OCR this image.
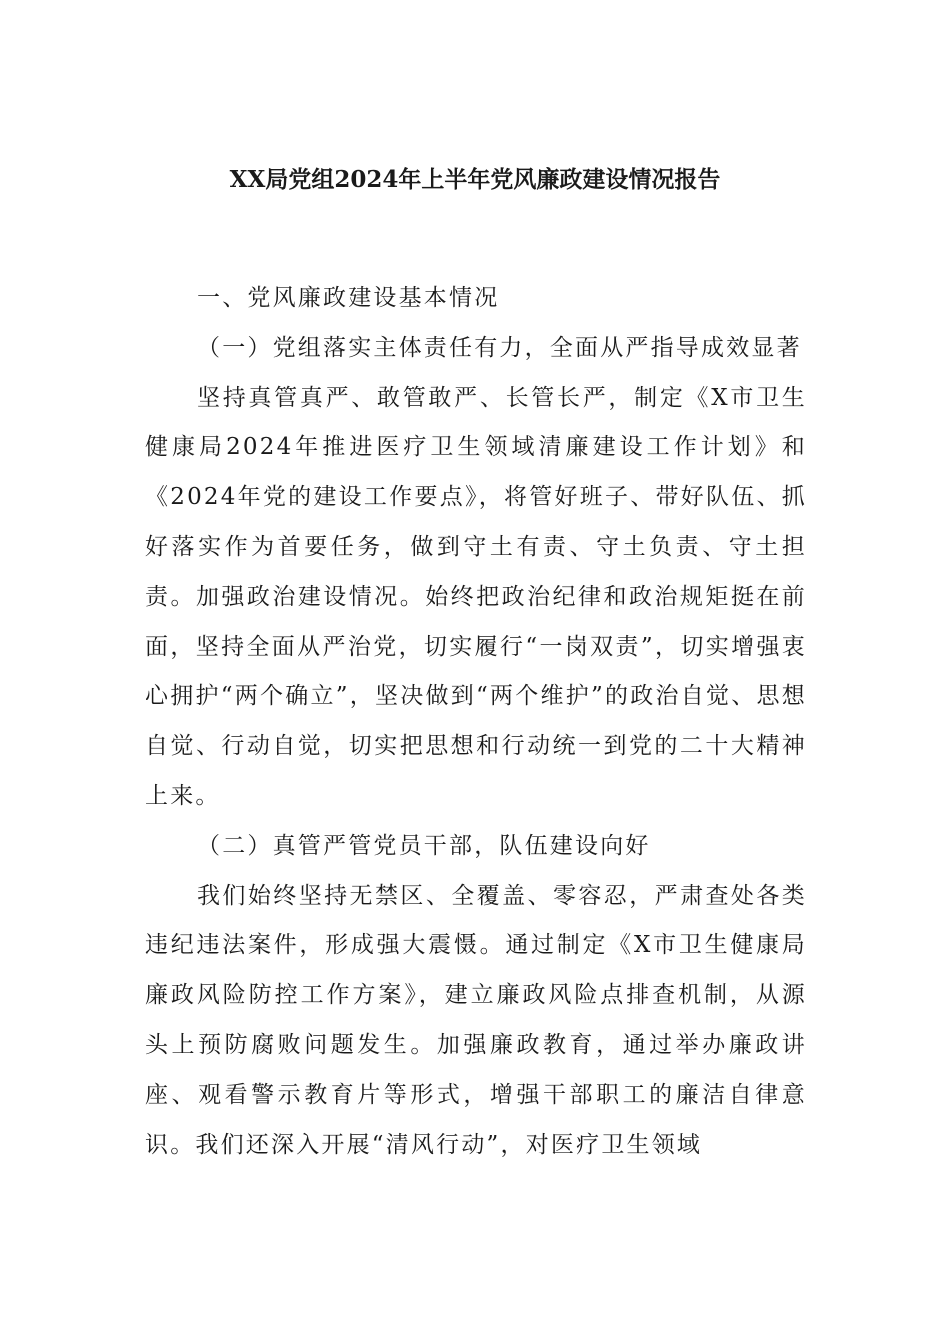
XX局党组2024年上半年党风廉政建设情况报告

一、党风廉政建设基本情况

（一）党组落实主体责任有力，全面从严指导成效显著

坚持真管真严、敢管敢严、长管长严，制定《X市卫生健康局2024年推进医疗卫生领域清廉建设工作计划》和《2024年党的建设工作要点》，将管好班子、带好队伍、抓好落实作为首要任务，做到守土有责、守土负责、守土担责。加强政治建设情况。始终把政治纪律和政治规矩挺在前面，坚持全面从严治党，切实履行“一岗双责”，切实增强衷心拥护“两个确立”，坚决做到“两个维护”的政治自觉、思想自觉、行动自觉，切实把思想和行动统一到党的二十大精神上来。

（二）真管严管党员干部，队伍建设向好

我们始终坚持无禁区、全覆盖、零容忍，严肃查处各类违纪违法案件，形成强大震慑。通过制定《X市卫生健康局廉政风险防控工作方案》，建立廉政风险点排查机制，从源头上预防腐败问题发生。加强廉政教育，通过举办廉政讲座、观看警示教育片等形式，增强干部职工的廉洁自律意识。我们还深入开展“清风行动”，对医疗卫生领域
